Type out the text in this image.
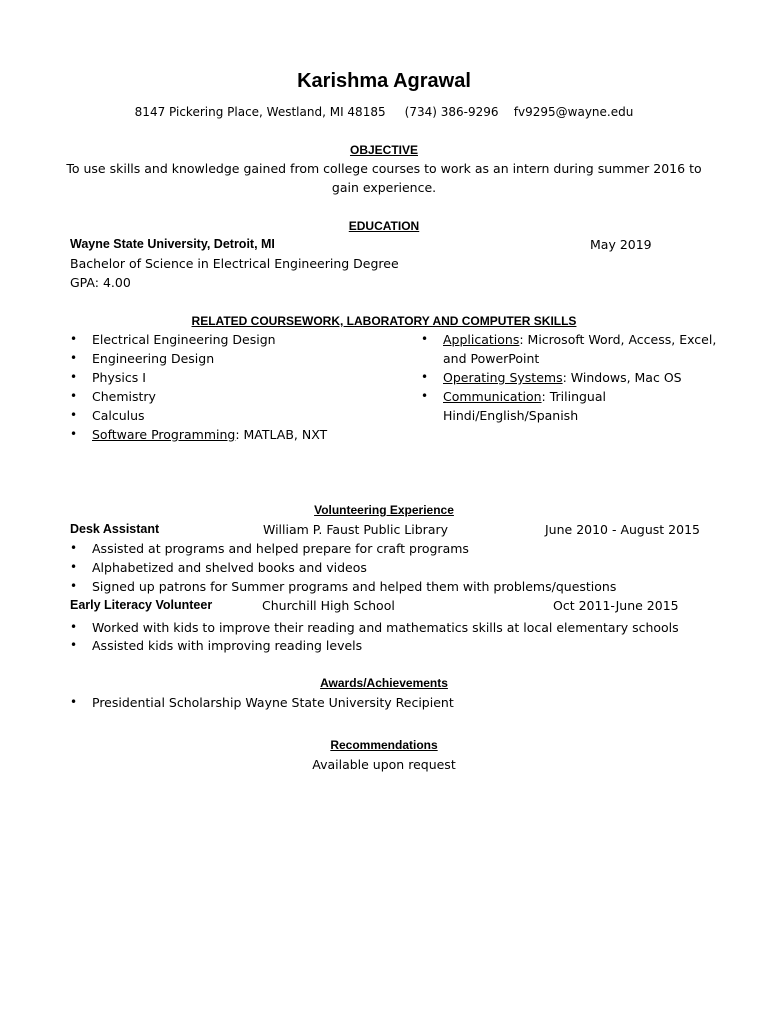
Karishma Agrawal
8147 Pickering Place, Westland, MI 48185     (734) 386-9296    fv9295@wayne.edu
OBJECTIVE
To use skills and knowledge gained from college courses to work as an intern during summer 2016 to
gain experience.
EDUCATION
Wayne State University, Detroit, MI	May 2019
Bachelor of Science in Electrical Engineering Degree
GPA: 4.00
RELATED COURSEWORK, LABORATORY AND COMPUTER SKILLS
• Electrical Engineering Design
• Engineering Design
• Physics I
• Chemistry
• Calculus
• Software Programming: MATLAB, NXT
• Applications: Microsoft Word, Access, Excel,
and PowerPoint
• Operating Systems: Windows, Mac OS
• Communication: Trilingual
Hindi/English/Spanish
Volunteering Experience
Desk Assistant	William P. Faust Public Library	June 2010 - August 2015
• Assisted at programs and helped prepare for craft programs
• Alphabetized and shelved books and videos
• Signed up patrons for Summer programs and helped them with problems/questions
Early Literacy Volunteer	Churchill High School	Oct 2011-June 2015
• Worked with kids to improve their reading and mathematics skills at local elementary schools
• Assisted kids with improving reading levels
Awards/Achievements
• Presidential Scholarship Wayne State University Recipient
Recommendations
Available upon request
